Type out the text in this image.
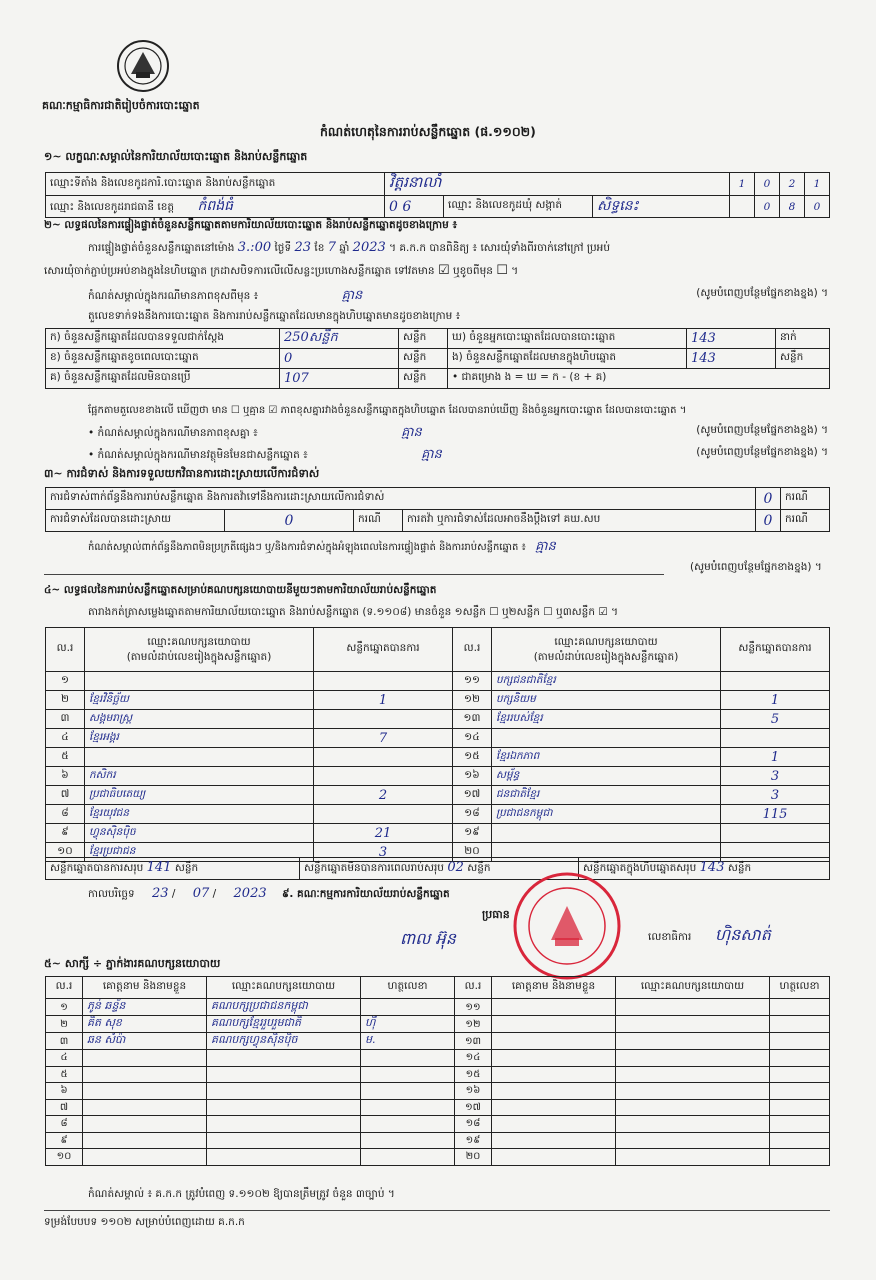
គណៈកម្មាធិការជាតិរៀបចំការបោះឆ្នោត
កំណត់ហេតុនៃការរាប់សន្លឹកឆ្នោត (ផ.១១០២)
១~ លក្ខណៈសម្គាល់នៃការិយាល័យបោះឆ្នោត និងរាប់សន្លឹកឆ្នោត
ឈ្មោះទីតាំង និងលេខកូដការិ.បោះឆ្នោត និងរាប់សន្លឹកឆ្នោត	វិត្តរនាលាំ			1	0	2	1
ឈ្មោះ និងលេខកូដរាជធានី ខេត្ត កំពង់ធំ	0 6	ឈ្មោះ និងលេខកូដឃុំ សង្កាត់	សិទ្ធនេះ		0	8	0
២~ លទ្ធផលនៃការផ្ទៀងផ្ទាត់ចំនួនសន្លឹកឆ្នោតតាមការិយាល័យបោះឆ្នោត និងរាប់សន្លឹកឆ្នោតដូចខាងក្រោម ៖
ការផ្ទៀងផ្ទាត់ចំនួនសន្លឹកឆ្នោតនៅម៉ោង 3.:00 ថ្ងៃទី 23 ខែ 7 ឆ្នាំ 2023 ។ គ.ក.ក បានពិនិត្យ ៖ សោរយុំទាំងពីរចាក់នៅក្រៅ ប្រអប់
សោរយុំចាក់ភ្ជាប់ប្រអប់ខាងក្នុងនៃហិបឆ្នោត ក្រដាសបិទការលើលើសន្លះប្រហោងសន្លឹកឆ្នោត ទៅវតមាន ☑ ឬខូចពីមុន ☐ ។
កំណត់សម្គាល់ក្នុងករណីមានភាពខុសពីមុន ៖	គ្មាន	(សូមបំពេញបន្ថែមផ្នែកខាងខ្នង) ។
តួលេខទាក់ទងនឹងការបោះឆ្នោត និងការរាប់សន្លឹកឆ្នោតដែលមានក្នុងហិបឆ្នោតមានដូចខាងក្រោម ៖
ក) ចំនួនសន្លឹកឆ្នោតដែលបានទទួលជាក់ស្តែង	250សន្លឹក	សន្លឹក	ឃ) ចំនួនអ្នកបោះឆ្នោតដែលបានបោះឆ្នោត	143	នាក់
ខ) ចំនួនសន្លឹកឆ្នោតខូចពេលបោះឆ្នោត	0	សន្លឹក	ង) ចំនួនសន្លឹកឆ្នោតដែលមានក្នុងហិបឆ្នោត	143	សន្លឹក
គ) ចំនួនសន្លឹកឆ្នោតដែលមិនបានប្រើ	107	សន្លឹក	• ជាគម្រោង ង = ឃ = ក - (ខ + គ)		
ផ្អែកតាមតួលេខខាងលើ ឃើញថា មាន ☐ ឬគ្មាន ☑ ភាពខុសគ្នារវាងចំនួនសន្លឹកឆ្នោតក្នុងហិបឆ្នោត ដែលបានរាប់ឃើញ និងចំនួនអ្នកបោះឆ្នោត ដែលបានបោះឆ្នោត ។
• កំណត់សម្គាល់ក្នុងករណីមានភាពខុសគ្នា ៖	គ្មាន	(សូមបំពេញបន្ថែមផ្នែកខាងខ្នង) ។
• កំណត់សម្គាល់ក្នុងករណីមានវត្ថុមិនមែនជាសន្លឹកឆ្នោត ៖	គ្មាន	(សូមបំពេញបន្ថែមផ្នែកខាងខ្នង) ។
៣~ ការជំទាស់ និងការទទួលយកវិធានការដោះស្រាយលើការជំទាស់
ការជំទាស់ពាក់ព័ន្ធនឹងការរាប់សន្លឹកឆ្នោត និងការតវ៉ាទៅនឹងការដោះស្រាយលើការជំទាស់				0	ករណី
ការជំទាស់ដែលបានដោះស្រាយ	0	ករណី	ការតវ៉ា ឬការជំទាស់ដែលអាចនឹងប្តឹងទៅ គឃ.សប	0	ករណី
កំណត់សម្គាល់ពាក់ព័ន្ធនឹងភាពមិនប្រក្រតីផ្សេងៗ ឬ/និងការជំទាស់ក្នុងអំឡុងពេលនៃការផ្ទៀងផ្ទាត់ និងការរាប់សន្លឹកឆ្នោត ៖ គ្មាន
(សូមបំពេញបន្ថែមផ្នែកខាងខ្នង) ។
៤~ លទ្ធផលនៃការរាប់សន្លឹកឆ្នោតសម្រាប់គណបក្សនយោបាយនីមួយៗតាមការិយាល័យរាប់សន្លឹកឆ្នោត
តារាងកត់ត្រាសម្លេងឆ្នោតតាមការិយាល័យបោះឆ្នោត និងរាប់សន្លឹកឆ្នោត (ទ.១១០៨) មានចំនួន ១សន្លឹក ☐ ឬ២សន្លឹក ☐ ឬ៣សន្លឹក ☑ ។
ល.រ	ឈ្មោះគណបក្សនយោបាយ
(តាមលំដាប់លេខរៀងក្នុងសន្លឹកឆ្នោត)	សន្លឹកឆ្នោតបានការ	ល.រ	ឈ្មោះគណបក្សនយោបាយ
(តាមលំដាប់លេខរៀងក្នុងសន្លឹកឆ្នោត)	សន្លឹកឆ្នោតបានការ
១			១១	បក្សជនជាតិខ្មែរ	
២	ខ្មែរវិនិច្ឆ័យ	1	១២	បក្សនិយម	1
៣	សង្គមរាស្ត្រ		១៣	ខ្មែររបស់ខ្មែរ	5
៤	ខ្មែរអង្គរ	7	១៤		
៥			១៥	ខ្មែរឯកភាព	1
៦	កសិករ		១៦	សម្ព័ន្ធ	3
៧	ប្រជាធិបតេយ្យ	2	១៧	ជនជាតិខ្មែរ	3
៨	ខ្មែរយុវជន		១៨	ប្រជាជនកម្ពុជា	115
៩	ហ្វុនស៊ិនប៉ិច	21	១៩		
១០	ខ្មែរប្រជាជន	3	២០		
សន្លឹកឆ្នោតបានការសរុប 141 សន្លឹក	សន្លឹកឆ្នោតមិនបានការពេលរាប់សរុប 02 សន្លឹក	សន្លឹកឆ្នោតក្នុងហិបឆ្នោតសរុប 143 សន្លឹក
កាលបរិច្ឆេទ 23 / 07 / 2023 ៩. គណៈកម្មការការិយាល័យរាប់សន្លឹកឆ្នោត
ប្រធាន
ពាល អ៊ុន	លេខាធិការ ហ៊ិនសាត់
៥~ សាក្សី ÷ ភ្នាក់ងារគណបក្សនយោបាយ
ល.រ	គោត្តនាម និងនាមខ្លួន	ឈ្មោះគណបក្សនយោបាយ	ហត្ថលេខា	ល.រ	គោត្តនាម និងនាមខ្លួន	ឈ្មោះគណបក្សនយោបាយ	ហត្ថលេខា
១	ភូន់ ឆន្ទ័ន	គណបក្សប្រជាជនកម្ពុជា		១១			
២	គិត សុខ	គណបក្សខ្មែររួបរួមជាតិ	ហ៊ឺ	១២			
៣	ឆន សំប៉ា	គណបក្សហ្វុនស៊ិនប៉ិច	ម.	១៣			
៤				១៤			
៥				១៥			
៦				១៦			
៧				១៧			
៨				១៨			
៩				១៩			
១០				២០			
កំណត់សម្គាល់ ៖ គ.ក.ក ត្រូវបំពេញ ទ.១១០២ ឱ្យបានត្រឹមត្រូវ ចំនួន ៣ច្បាប់ ។
ទម្រង់បែបបទ ១១០២ សម្រាប់បំពេញដោយ គ.ក.ក
